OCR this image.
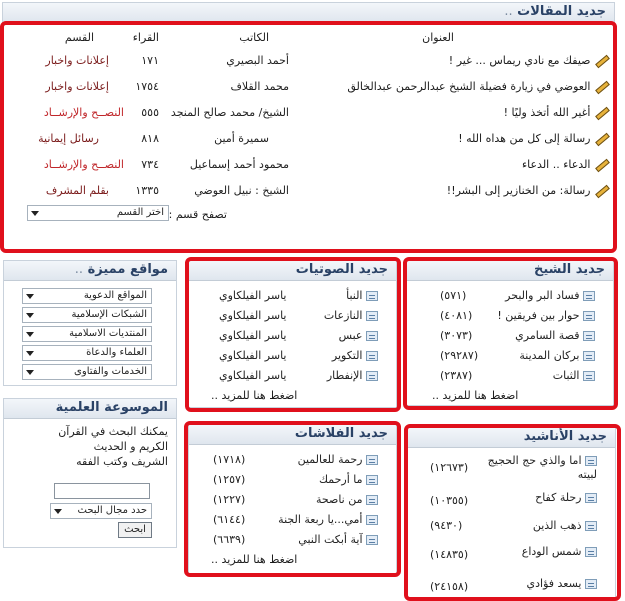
جديد المقالات ..
العنوان
الكاتب
القراء
القسم
صيفك مع نادي ريماس ... غير !
أحمد البصيري
١٧١
إعلانات واخبار
العوضي في زيارة فضيلة الشيخ عبدالرحمن عبدالخالق
محمد القلاف
١٧٥٤
إعلانات واخبار
أغير الله أتخذ وليًا !
الشيخ/ محمد صالح المنجد
٥٥٥
النصــح والإرشــاد
رسالة إلى كل من هداه الله !
سميرة أمين
٨١٨
رسائل إيمانية
الدعاء .. الدعاء
محمود أحمد إسماعيل
٧٣٤
النصــح والإرشــاد
رسالة: من الخنازير إلى البشر!!
الشيخ : نبيل العوضي
١٣٣٥
بقلم المشرف
تصفح قسم :
اختر القسم
جديد الشيخ
فساد البر والبحر
(٥٧١)
حوار بين فريقين !
(٤٠٨١)
قصة السامري
(٣٠٧٣)
بركان المدينة
(٢٩٢٨٧)
الثبات
(٢٣٨٧)
اضغط هنا للمزيد ..
جديد الصوتيات
النبأ
ياسر الفيلكاوي
النازعات
ياسر الفيلكاوي
عبس
ياسر الفيلكاوي
التكوير
ياسر الفيلكاوي
الإنفطار
ياسر الفيلكاوي
اضغط هنا للمزيد ..
مواقع مميزة ..
المواقع الدعوية
الشبكات الإسلامية
المنتديات الاسلامية
العلماء والدعاة
الخدمات والفتاوى
الموسوعة العلمية
يمكنك البحث في القرآن الكريم و الحديث الشريف وكتب الفقه
حدد مجال البحث
ابحث
جديد الفلاشات
رحمة للعالمين
(١٧١٨)
ما أرحمك
(١٢٥٧)
من ناصحة
(١٢٢٧)
أمي...يا ربعة الجنة
(٦١٤٤)
آية أبكت النبي
(٦٦٣٩)
اضغط هنا للمزيد ..
جديد الأناشيد
اما والذي حج الحجيج لبيته
(١٢٦٧٣)
رحلة كفاح
(١٠٣٥٥)
ذهب الذين
(٩٤٣٠)
شمس الوداع
(١٤٨٣٥)
يسعد فؤادي
(٢٤١٥٨)
